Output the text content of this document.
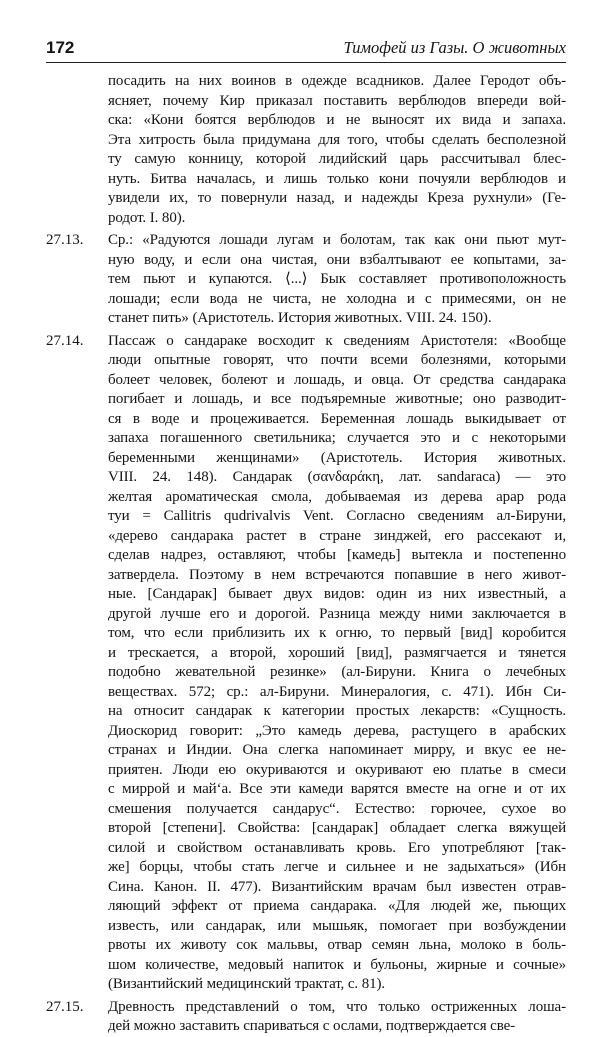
172	Тимофей из Газы. О животных
посадить на них воинов в одежде всадников. Далее Геродот объ-
ясняет, почему Кир приказал поставить верблюдов впереди вой-
ска: «Кони боятся верблюдов и не выносят их вида и запаха.
Эта хитрость была придумана для того, чтобы сделать бесполезной
ту самую конницу, которой лидийский царь рассчитывал блес-
нуть. Битва началась, и лишь только кони почуяли верблюдов и
увидели их, то повернули назад, и надежды Креза рухнули» (Ге-
родот. I. 80).
27.13. Ср.: «Радуются лошади лугам и болотам, так как они пьют мут-
ную воду, и если она чистая, они взбалтывают ее копытами, за-
тем пьют и купаются. ⟨...⟩ Бык составляет противоположность
лошади; если вода не чиста, не холодна и с примесями, он не
станет пить» (Аристотель. История животных. VIII. 24. 150).
27.14. Пассаж о сандараке восходит к сведениям Аристотеля: «Вообще
люди опытные говорят, что почти всеми болезнями, которыми
болеет человек, болеют и лошадь, и овца. От средства сандарака
погибает и лошадь, и все подъяремные животные; оно разводит-
ся в воде и процеживается. Беременная лошадь выкидывает от
запаха погашенного светильника; случается это и с некоторыми
беременными женщинами» (Аристотель. История животных.
VIII. 24. 148). Сандарак (σανδαράκη, лат. sandaraca) — это
желтая ароматическая смола, добываемая из дерева арар рода
туи = Callitris qudrivalvis Vent. Согласно сведениям ал-Бируни,
«дерево сандарака растет в стране зинджей, его рассекают и,
сделав надрез, оставляют, чтобы [камедь] вытекла и постепенно
затвердела. Поэтому в нем встречаются попавшие в него живот-
ные. [Сандарак] бывает двух видов: один из них известный, а
другой лучше его и дорогой. Разница между ними заключается в
том, что если приблизить их к огню, то первый [вид] коробится
и трескается, а второй, хороший [вид], размягчается и тянется
подобно жевательной резинке» (ал-Бируни. Книга о лечебных
веществах. 572; ср.: ал-Бируни. Минералогия, с. 471). Ибн Си-
на относит сандарак к категории простых лекарств: «Сущность.
Диоскорид говорит: „Это камедь дерева, растущего в арабских
странах и Индии. Она слегка напоминает мирру, и вкус ее не-
приятен. Люди ею окуриваются и окуривают ею платье в смеси
с миррой и май‘а. Все эти камеди варятся вместе на огне и от их
смешения получается сандарус“. Естество: горючее, сухое во
второй [степени]. Свойства: [сандарак] обладает слегка вяжущей
силой и свойством останавливать кровь. Его употребляют [так-
же] борцы, чтобы стать легче и сильнее и не задыхаться» (Ибн
Сина. Канон. II. 477). Византийским врачам был известен отрав-
ляющий эффект от приема сандарака. «Для людей же, пьющих
известь, или сандарак, или мышьяк, помогает при возбуждении
рвоты их животу сок мальвы, отвар семян льна, молоко в боль-
шом количестве, медовый напиток и бульоны, жирные и сочные»
(Византийский медицинский трактат, с. 81).
27.15. Древность представлений о том, что только остриженных лоша-
дей можно заставить спариваться с ослами, подтверждается све-
